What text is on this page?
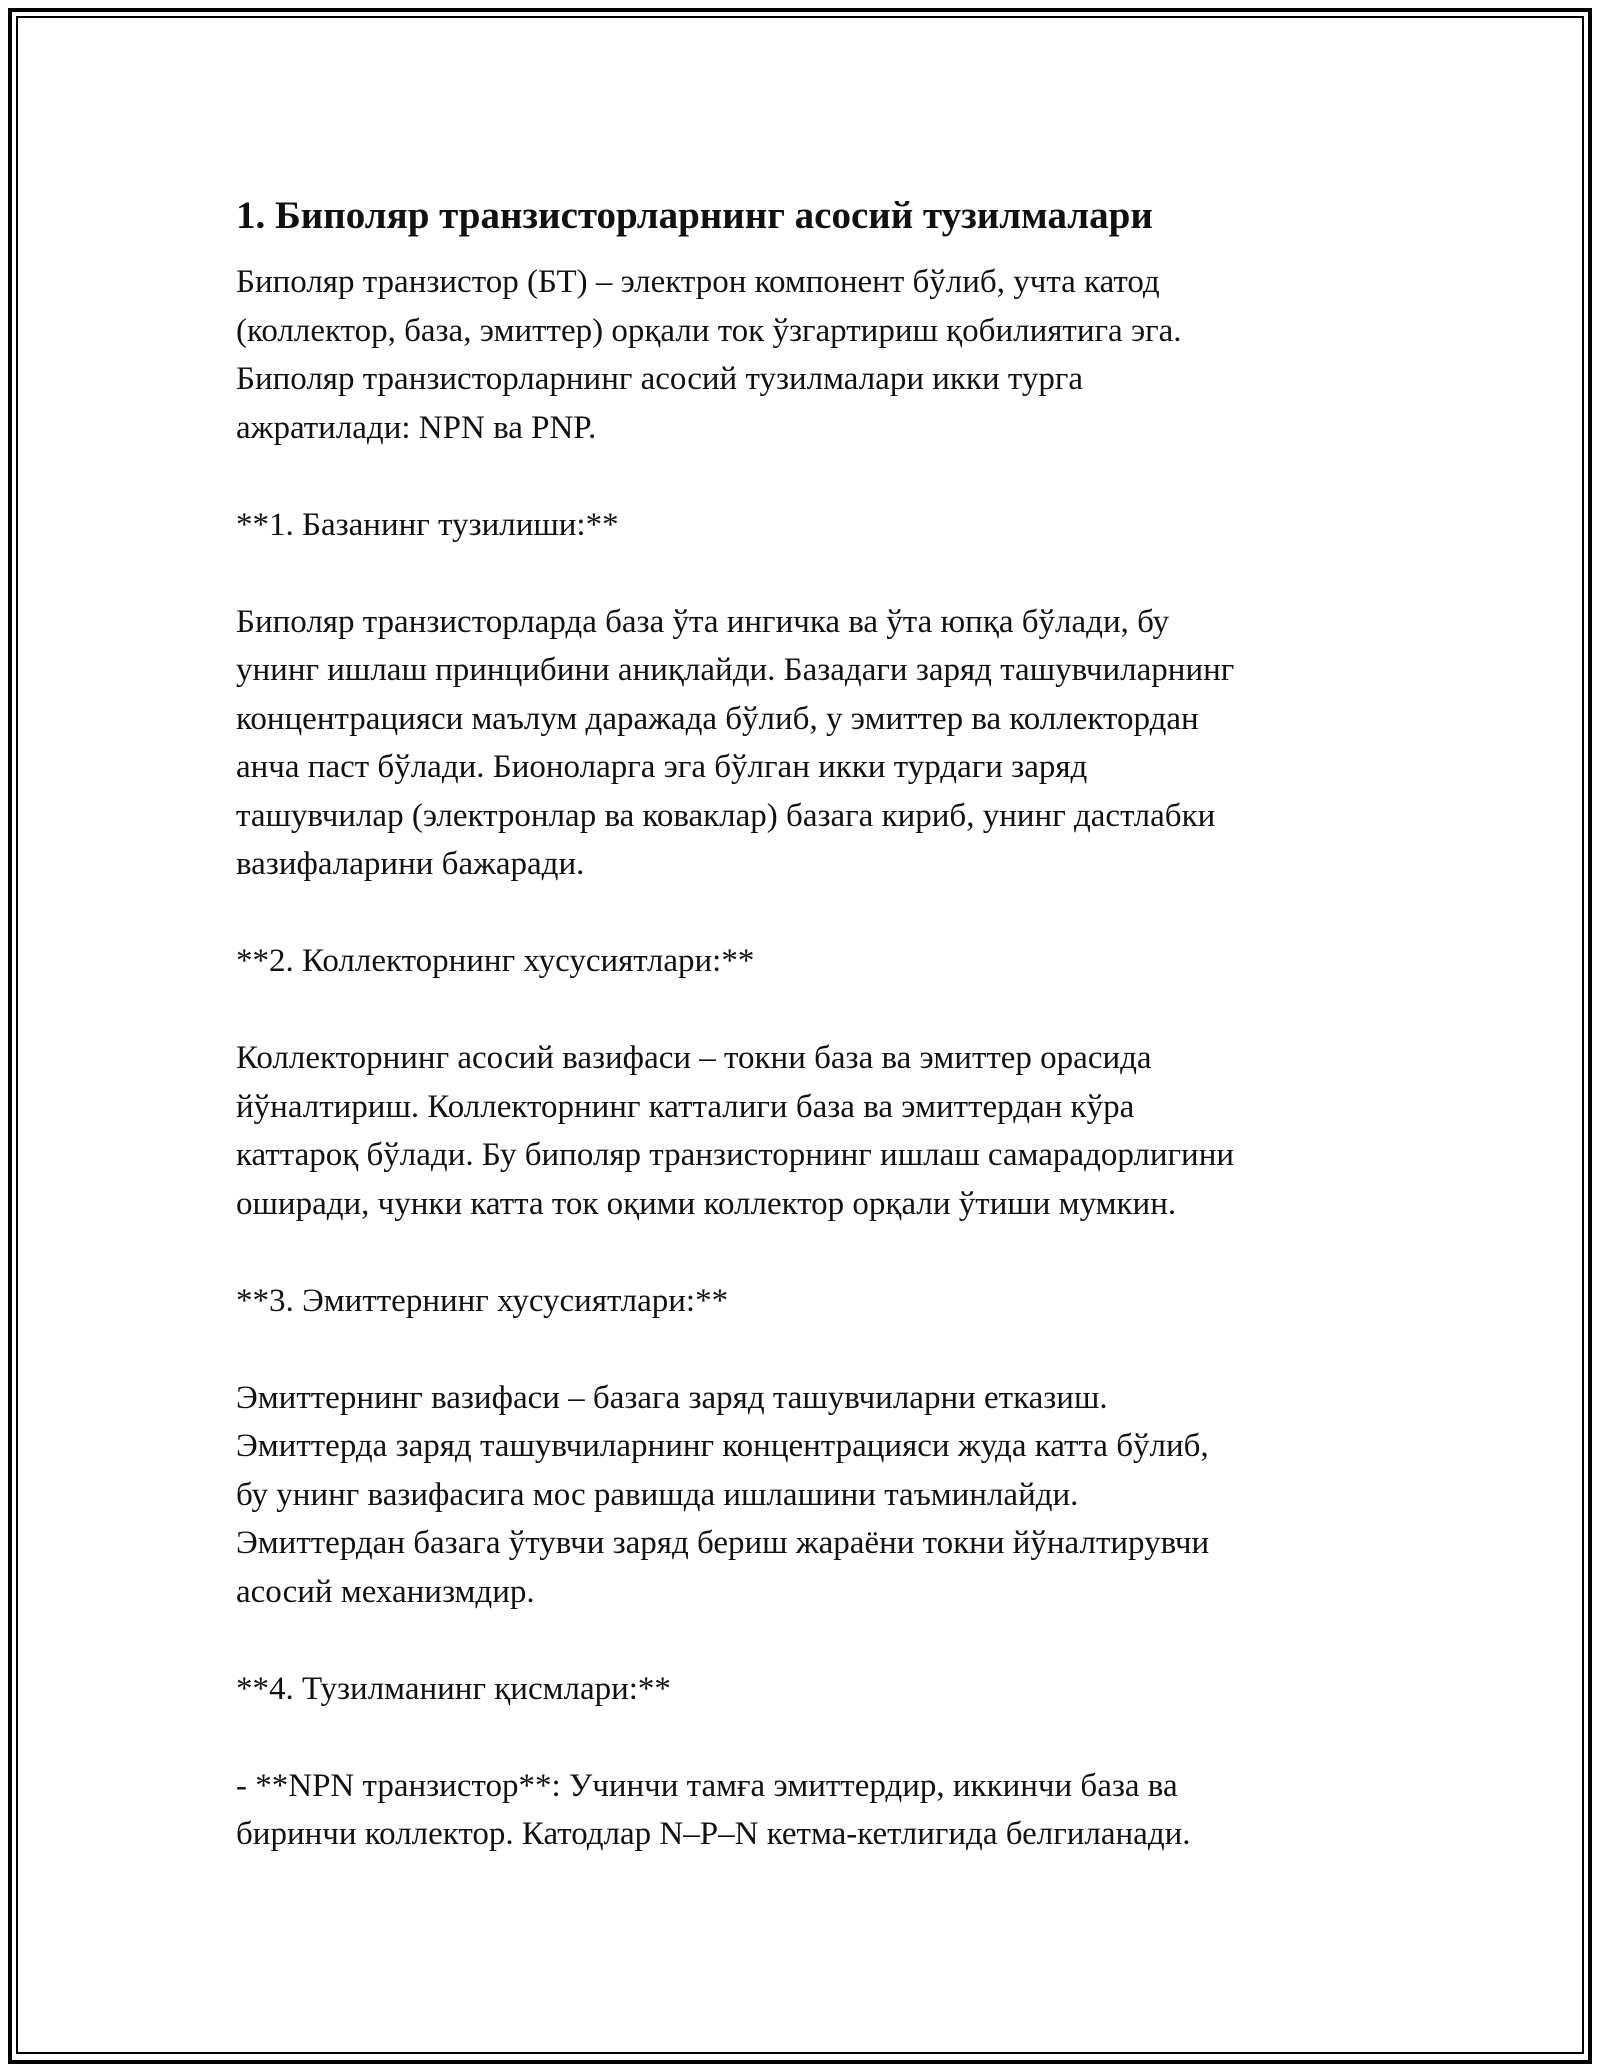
1. Биполяр транзисторларнинг асосий тузилмалари

Биполяр транзистор (БТ) – электрон компонент бўлиб, учта катод
(коллектор, база, эмиттер) орқали ток ўзгартириш қобилиятига эга.
Биполяр транзисторларнинг асосий тузилмалари икки турга
ажратилади: NPN ва PNP.

**1. Базанинг тузилиши:**

Биполяр транзисторларда база ўта ингичка ва ўта юпқа бўлади, бу
унинг ишлаш принцибини аниқлайди. Базадаги заряд ташувчиларнинг
концентрацияси маълум даражада бўлиб, у эмиттер ва коллектордан
анча паст бўлади. Бионоларга эга бўлган икки турдаги заряд
ташувчилар (электронлар ва коваклар) базага кириб, унинг дастлабки
вазифаларини бажаради.

**2. Коллекторнинг хусусиятлари:**

Коллекторнинг асосий вазифаси – токни база ва эмиттер орасида
йўналтириш. Коллекторнинг катталиги база ва эмиттердан кўра
каттароқ бўлади. Бу биполяр транзисторнинг ишлаш самарадорлигини
оширади, чунки катта ток оқими коллектор орқали ўтиши мумкин.

**3. Эмиттернинг хусусиятлари:**

Эмиттернинг вазифаси – базага заряд ташувчиларни етказиш.
Эмиттерда заряд ташувчиларнинг концентрацияси жуда катта бўлиб,
бу унинг вазифасига мос равишда ишлашини таъминлайди.
Эмиттердан базага ўтувчи заряд бериш жараёни токни йўналтирувчи
асосий механизмдир.

**4. Тузилманинг қисмлари:**

- **NPN транзистор**: Учинчи тамға эмиттердир, иккинчи база ва
биринчи коллектор. Катодлар N–P–N кетма-кетлигида белгиланади.
